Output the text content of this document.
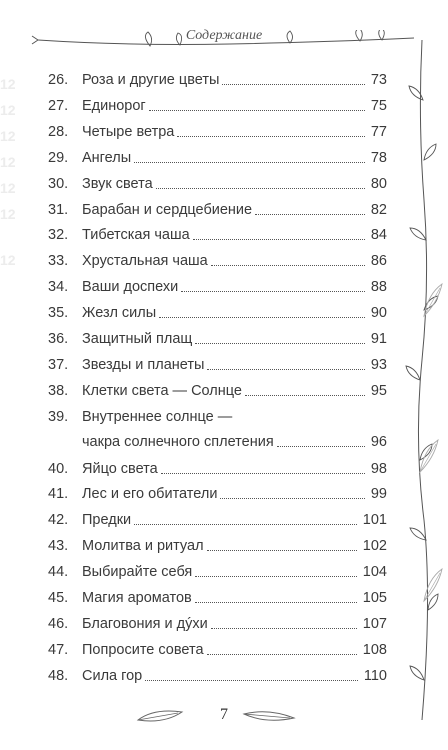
12
12
12
12
12
12
12
Содержание
26. Роза и другие цветы	73
27. Единорог	75
28. Четыре ветра	77
29. Ангелы	78
30. Звук света	80
31. Барабан и сердцебиение	82
32. Тибетская чаша	84
33. Хрустальная чаша	86
34. Ваши доспехи	88
35. Жезл силы	90
36. Защитный плащ	91
37. Звезды и планеты	93
38. Клетки света — Солнце	95
39. Внутреннее солнце —
чакра солнечного сплетения	96
40. Яйцо света	98
41. Лес и его обитатели	99
42. Предки	101
43. Молитва и ритуал	102
44. Выбирайте себя	104
45. Магия ароматов	105
46. Благовония и дýхи	107
47. Попросите совета	108
48. Сила гор	110
7
